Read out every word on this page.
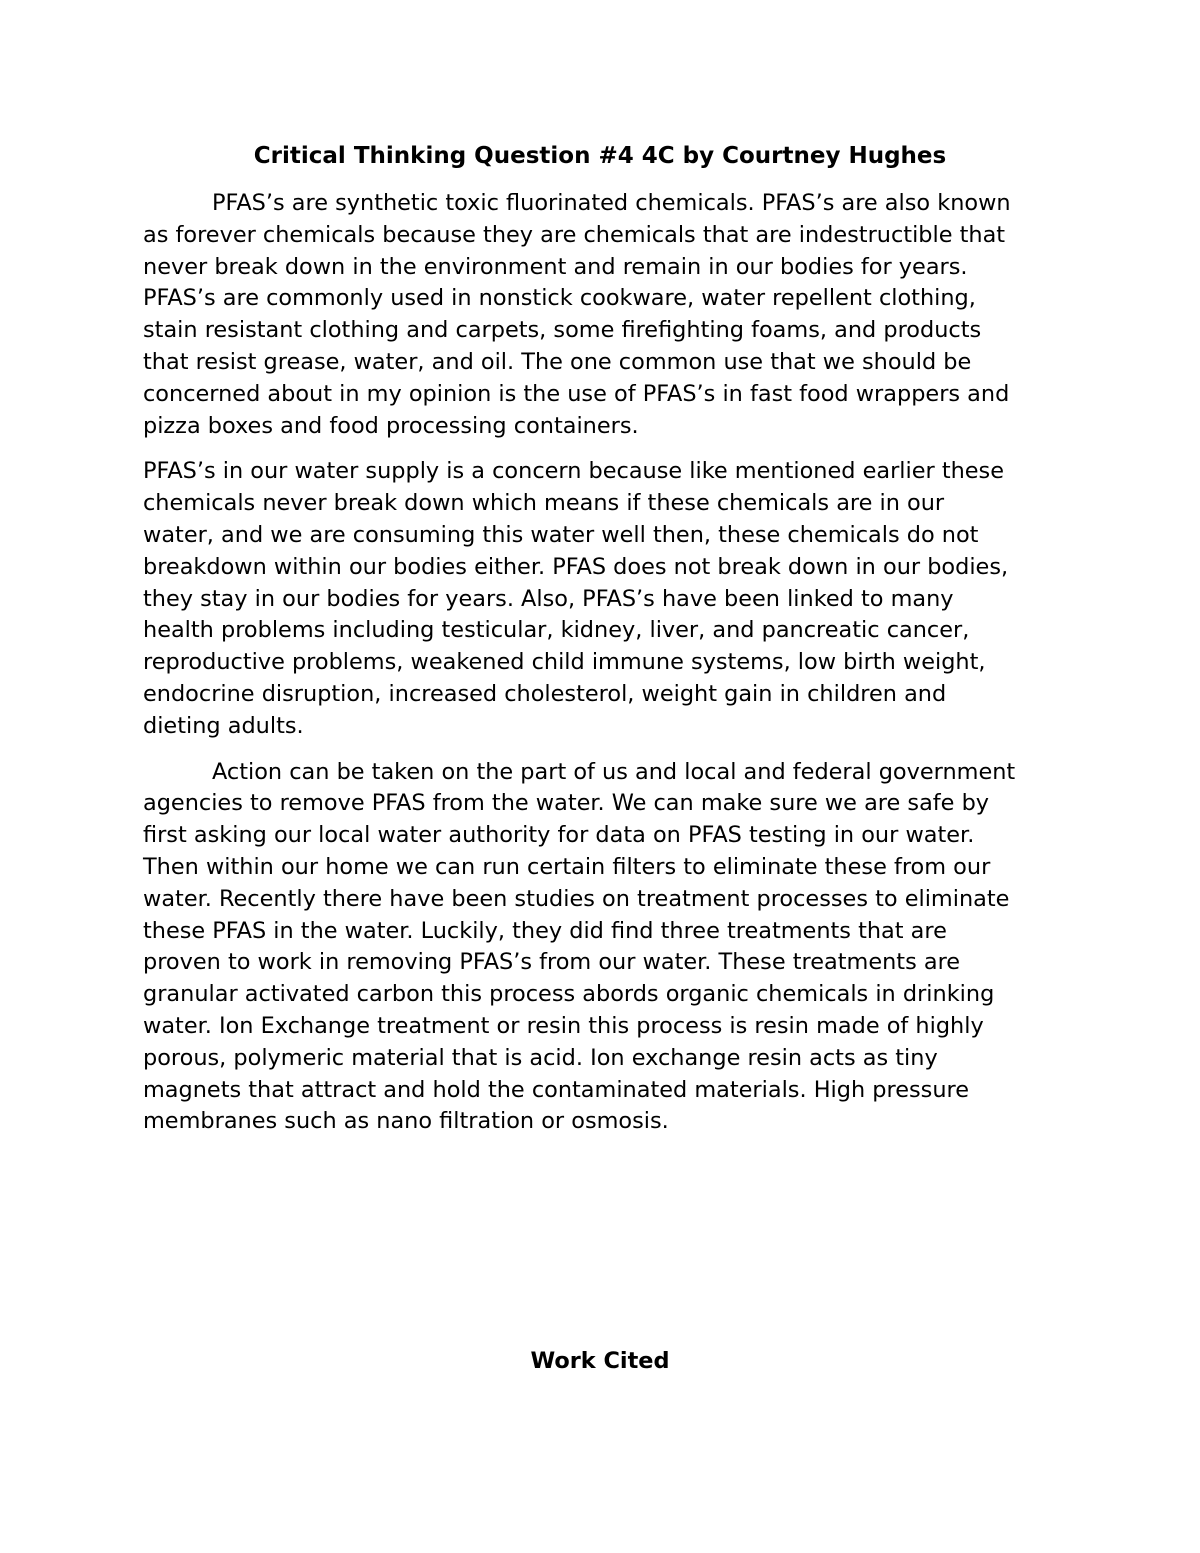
Critical Thinking Question #4 4C by Courtney Hughes

PFAS’s are synthetic toxic fluorinated chemicals. PFAS’s are also known
as forever chemicals because they are chemicals that are indestructible that
never break down in the environment and remain in our bodies for years.
PFAS’s are commonly used in nonstick cookware, water repellent clothing,
stain resistant clothing and carpets, some firefighting foams, and products
that resist grease, water, and oil. The one common use that we should be
concerned about in my opinion is the use of PFAS’s in fast food wrappers and
pizza boxes and food processing containers.

PFAS’s in our water supply is a concern because like mentioned earlier these
chemicals never break down which means if these chemicals are in our
water, and we are consuming this water well then, these chemicals do not
breakdown within our bodies either. PFAS does not break down in our bodies,
they stay in our bodies for years. Also, PFAS’s have been linked to many
health problems including testicular, kidney, liver, and pancreatic cancer,
reproductive problems, weakened child immune systems, low birth weight,
endocrine disruption, increased cholesterol, weight gain in children and
dieting adults.

Action can be taken on the part of us and local and federal government
agencies to remove PFAS from the water. We can make sure we are safe by
first asking our local water authority for data on PFAS testing in our water.
Then within our home we can run certain filters to eliminate these from our
water. Recently there have been studies on treatment processes to eliminate
these PFAS in the water. Luckily, they did find three treatments that are
proven to work in removing PFAS’s from our water. These treatments are
granular activated carbon this process abords organic chemicals in drinking
water. Ion Exchange treatment or resin this process is resin made of highly
porous, polymeric material that is acid. Ion exchange resin acts as tiny
magnets that attract and hold the contaminated materials. High pressure
membranes such as nano filtration or osmosis.

Work Cited
